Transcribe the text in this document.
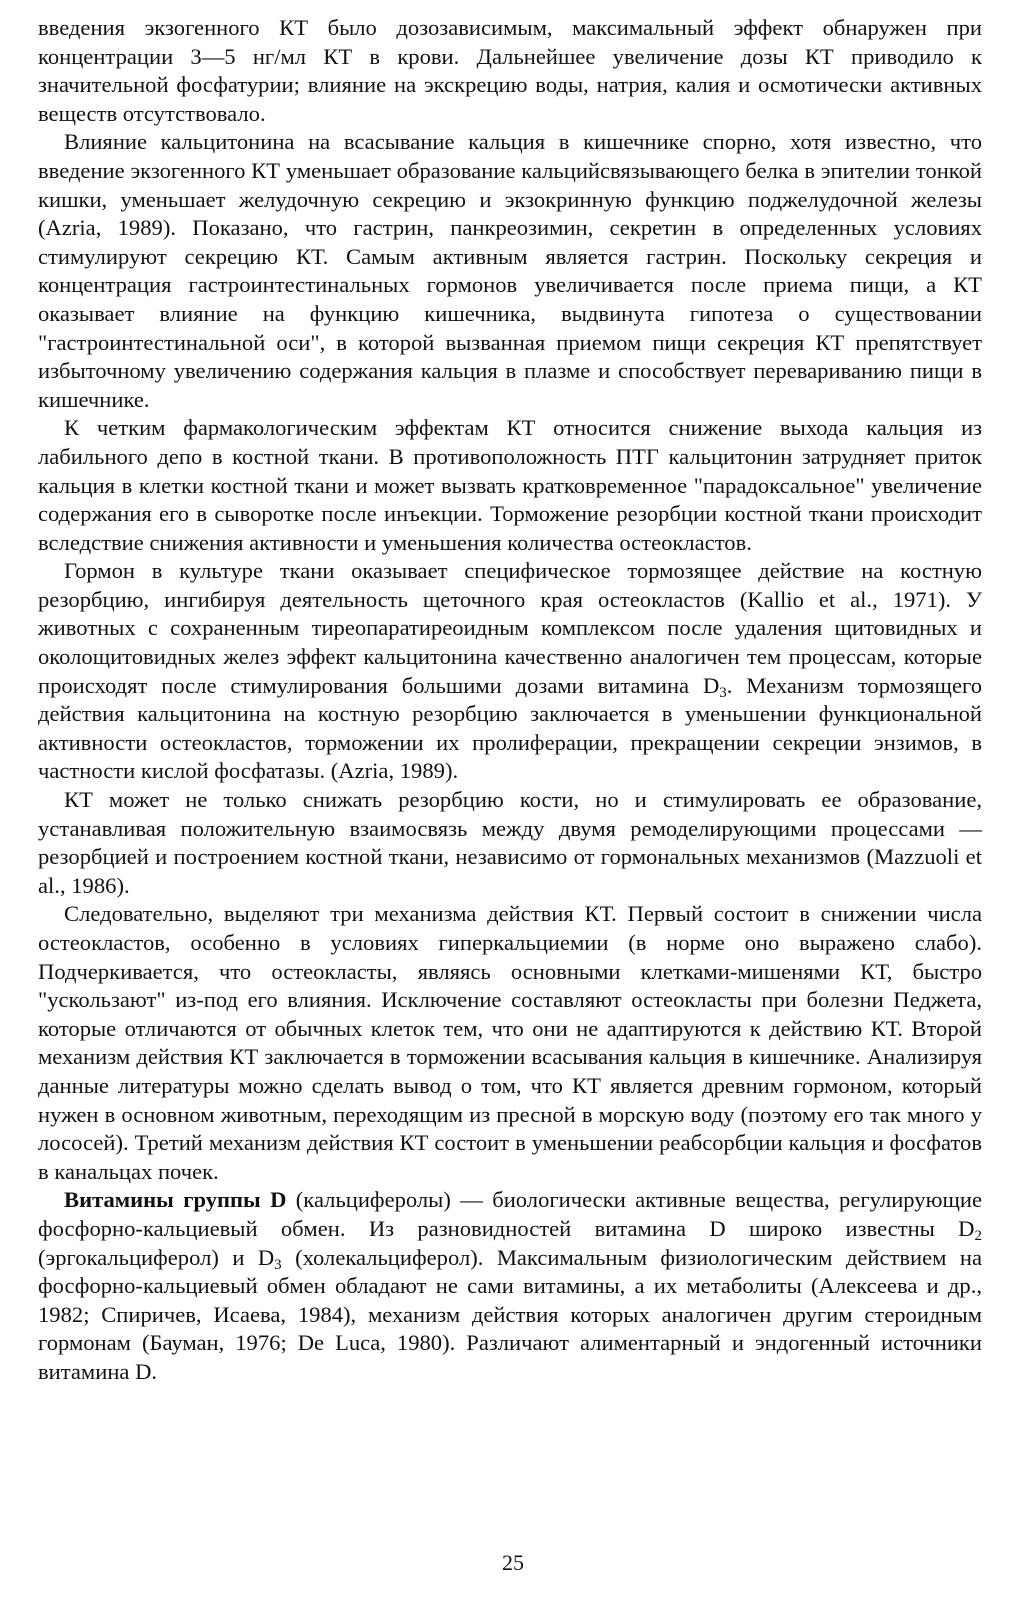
введения экзогенного КТ было дозозависимым, максимальный эффект обнаружен при концентрации 3—5 нг/мл КТ в крови. Дальнейшее увеличение дозы КТ приводило к значительной фосфатурии; влияние на экскрецию воды, натрия, калия и осмотически активных веществ отсутствовало.

Влияние кальцитонина на всасывание кальция в кишечнике спорно, хотя известно, что введение экзогенного КТ уменьшает образование кальцийсвязывающего белка в эпителии тонкой кишки, уменьшает желудочную секрецию и экзокринную функцию поджелудочной железы (Azria, 1989). Показано, что гастрин, панкреозимин, секретин в определенных условиях стимулируют секрецию КТ. Самым активным является гастрин. Поскольку секреция и концентрация гастроинтестинальных гормонов увеличивается после приема пищи, а КТ оказывает влияние на функцию кишечника, выдвинута гипотеза о существовании "гастроинтестинальной оси", в которой вызванная приемом пищи секреция КТ препятствует избыточному увеличению содержания кальция в плазме и способствует перевариванию пищи в кишечнике.

К четким фармакологическим эффектам КТ относится снижение выхода кальция из лабильного депо в костной ткани. В противоположность ПТГ кальцитонин затрудняет приток кальция в клетки костной ткани и может вызвать кратковременное "парадоксальное" увеличение содержания его в сыворотке после инъекции. Торможение резорбции костной ткани происходит вследствие снижения активности и уменьшения количества остеокластов.

Гормон в культуре ткани оказывает специфическое тормозящее действие на костную резорбцию, ингибируя деятельность щеточного края остеокластов (Kallio et al., 1971). У животных с сохраненным тиреопаратиреоидным комплексом после удаления щитовидных и околощитовидных желез эффект кальцитонина качественно аналогичен тем процессам, которые происходят после стимулирования большими дозами витамина $D_3$. Механизм тормозящего действия кальцитонина на костную резорбцию заключается в уменьшении функциональной активности остеокластов, торможении их пролиферации, прекращении секреции энзимов, в частности кислой фосфатазы. (Azria, 1989).

КТ может не только снижать резорбцию кости, но и стимулировать ее образование, устанавливая положительную взаимосвязь между двумя ремоделирующими процессами — резорбцией и построением костной ткани, независимо от гормональных механизмов (Mazzuoli et al., 1986).

Следовательно, выделяют три механизма действия КТ. Первый состоит в снижении числа остеокластов, особенно в условиях гиперкальциемии (в норме оно выражено слабо). Подчеркивается, что остеокласты, являясь основными клетками-мишенями КТ, быстро "ускользают" из-под его влияния. Исключение составляют остеокласты при болезни Педжета, которые отличаются от обычных клеток тем, что они не адаптируются к действию КТ. Второй механизм действия КТ заключается в торможении всасывания кальция в кишечнике. Анализируя данные литературы можно сделать вывод о том, что КТ является древним гормоном, который нужен в основном животным, переходящим из пресной в морскую воду (поэтому его так много у лососей). Третий механизм действия КТ состоит в уменьшении реабсорбции кальция и фосфатов в канальцах почек.

Витамины группы D (кальциферолы) — биологически активные вещества, регулирующие фосфорно-кальциевый обмен. Из разновидностей витамина D широко известны $D_2$ (эргокальциферол) и $D_3$ (холекальциферол). Максимальным физиологическим действием на фосфорно-кальциевый обмен обладают не сами витамины, а их метаболиты (Алексеева и др., 1982; Спиричев, Исаева, 1984), механизм действия которых аналогичен другим стероидным гормонам (Бауман, 1976; De Luca, 1980). Различают алиментарный и эндогенный источники витамина D.

25
